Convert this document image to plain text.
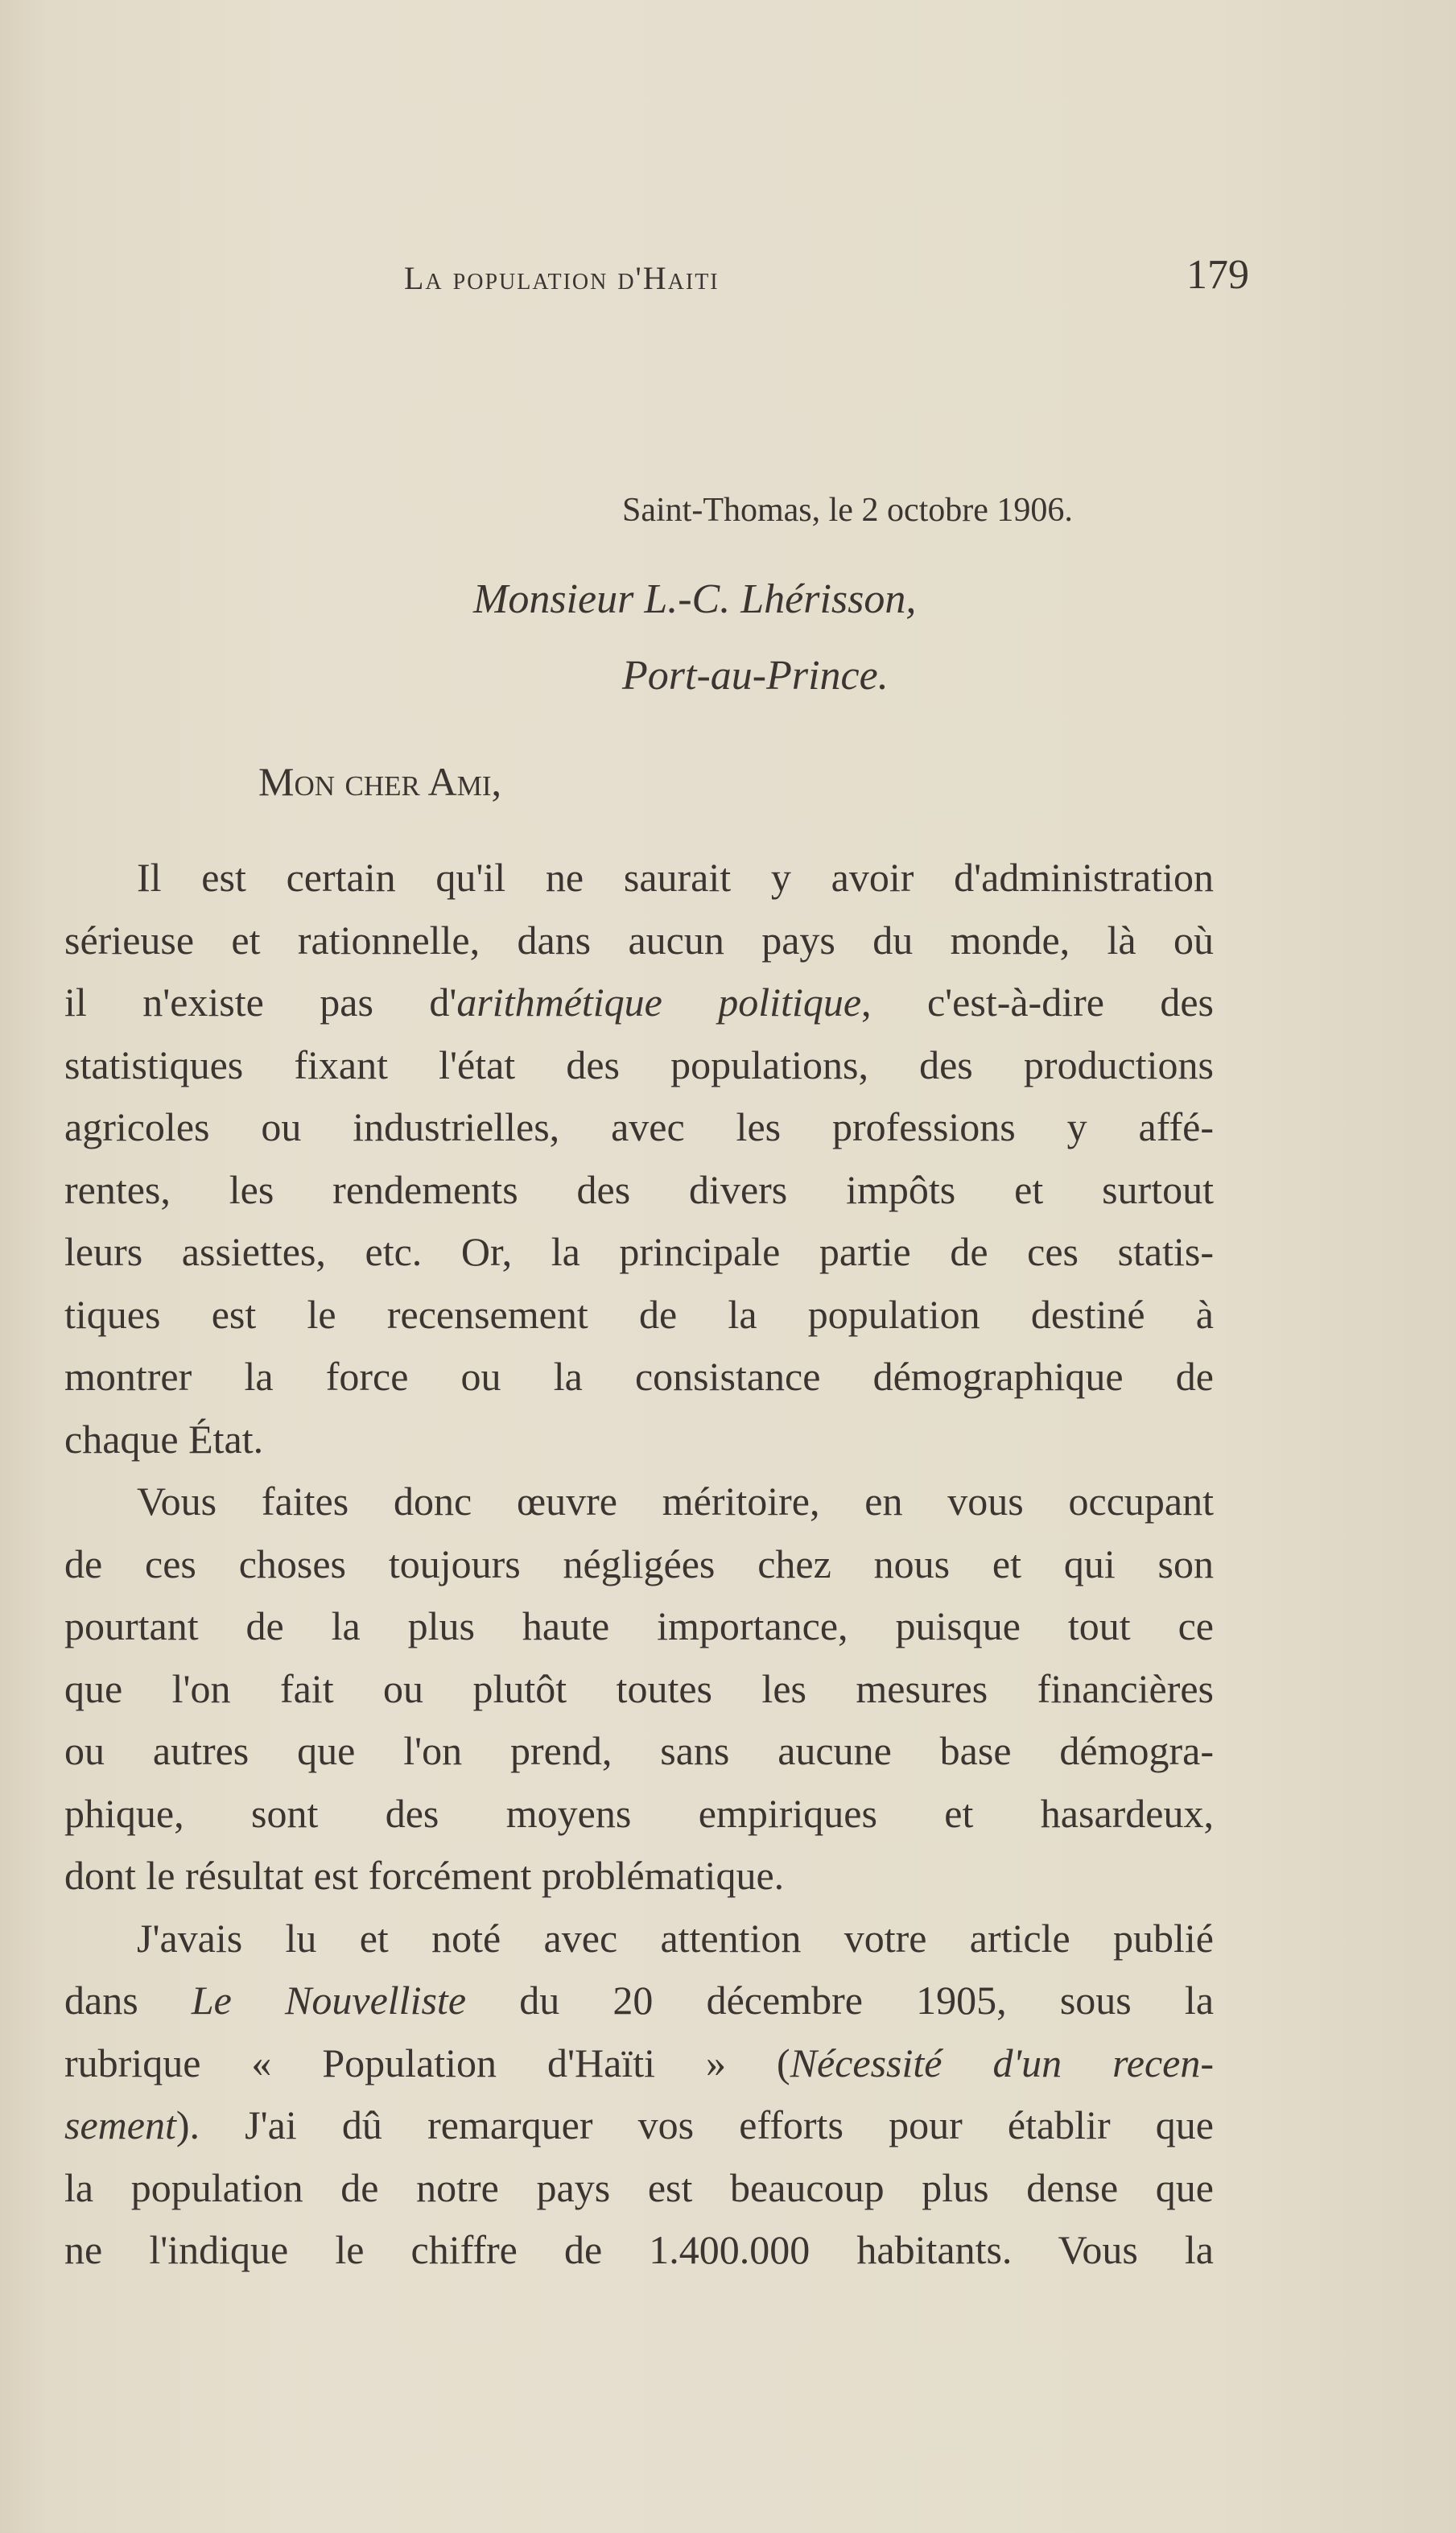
La population d'Haiti	179
Saint-Thomas, le 2 octobre 1906.
Monsieur L.-C. Lhérisson,
Port-au-Prince.
Mon cher Ami,
Il est certain qu'il ne saurait y avoir d'administration
sérieuse et rationnelle, dans aucun pays du monde, là où
il n'existe pas d'arithmétique politique, c'est-à-dire des
statistiques fixant l'état des populations, des productions
agricoles ou industrielles, avec les professions y affé-
rentes, les rendements des divers impôts et surtout
leurs assiettes, etc. Or, la principale partie de ces statis-
tiques est le recensement de la population destiné à
montrer la force ou la consistance démographique de
chaque État.
Vous faites donc œuvre méritoire, en vous occupant
de ces choses toujours négligées chez nous et qui son
pourtant de la plus haute importance, puisque tout ce
que l'on fait ou plutôt toutes les mesures financières
ou autres que l'on prend, sans aucune base démogra-
phique, sont des moyens empiriques et hasardeux,
dont le résultat est forcément problématique.
J'avais lu et noté avec attention votre article publié
dans Le Nouvelliste du 20 décembre 1905, sous la
rubrique « Population d'Haïti » (Nécessité d'un recen-
sement). J'ai dû remarquer vos efforts pour établir que
la population de notre pays est beaucoup plus dense que
ne l'indique le chiffre de 1.400.000 habitants. Vous la
